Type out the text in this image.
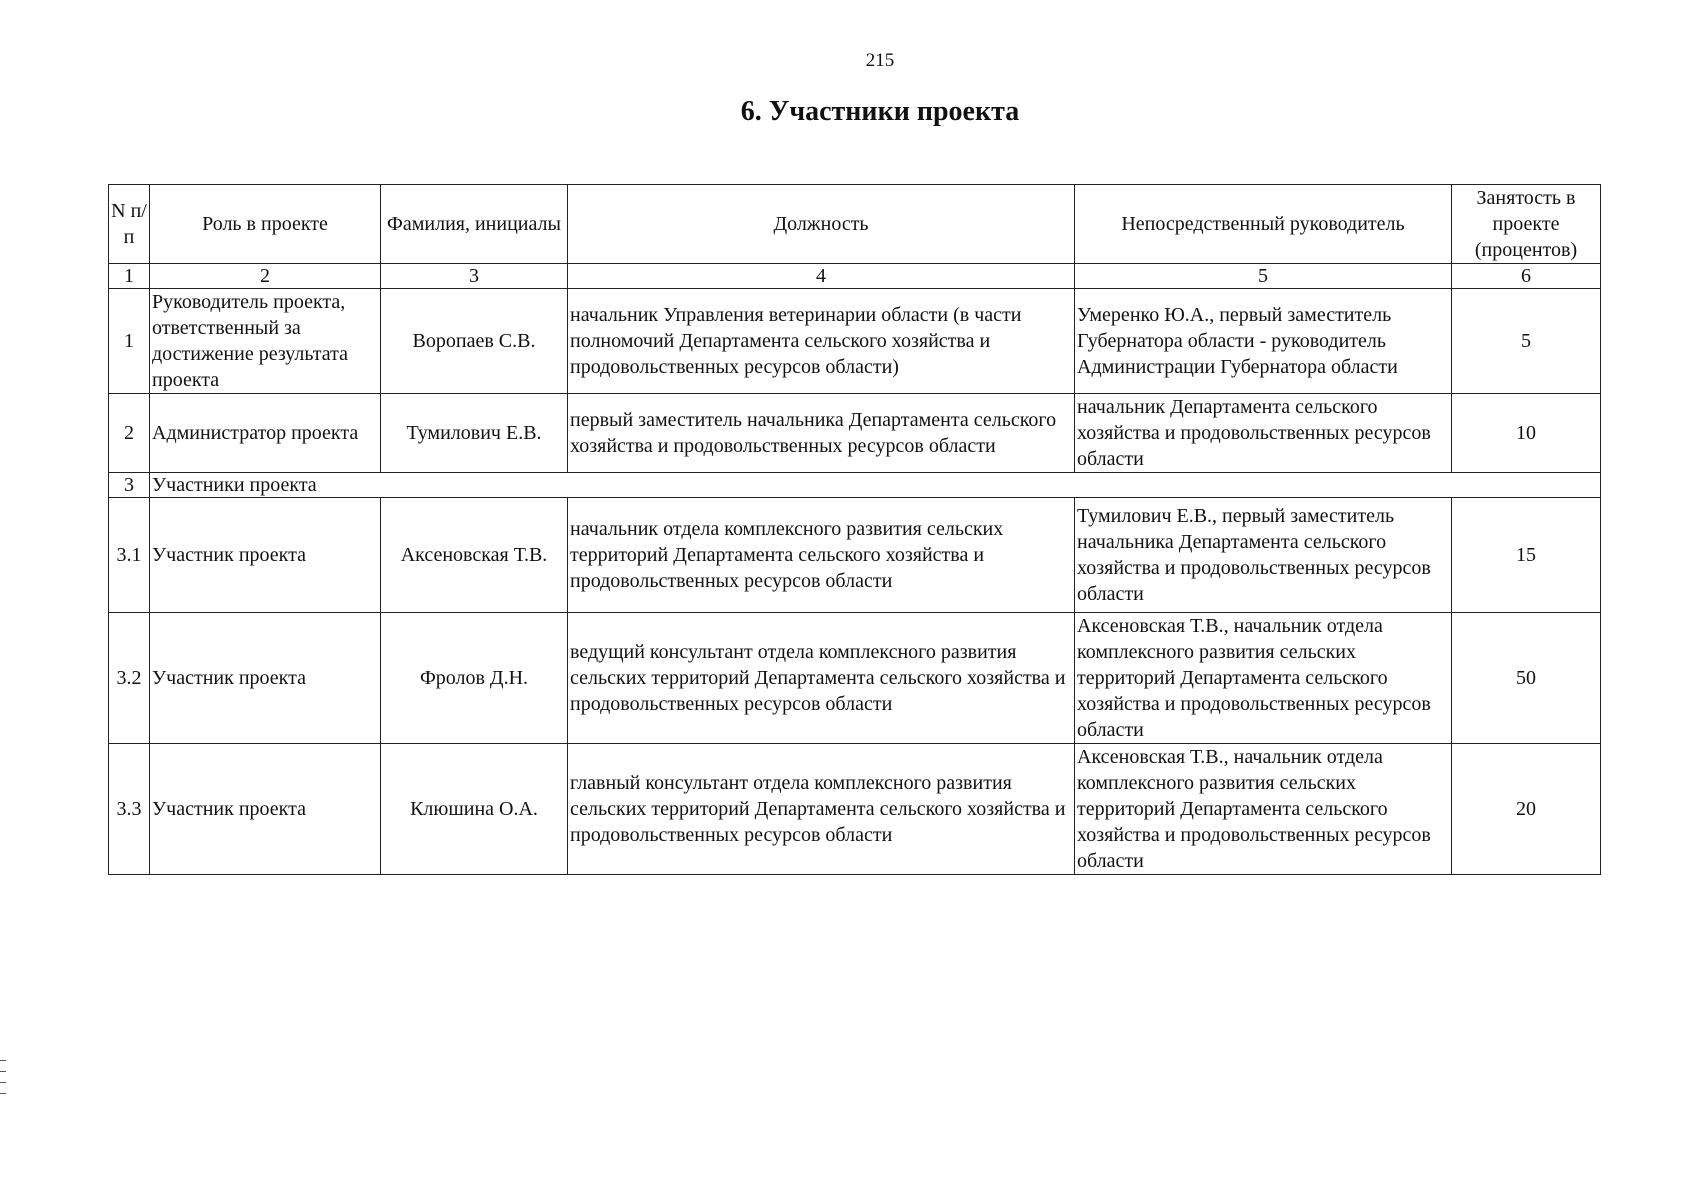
215
6. Участники проекта
N п/п	Роль в проекте	Фамилия, инициалы	Должность	Непосредственный руководитель	Занятость в проекте (процентов)
1	2	3	4	5	6
1	Руководитель проекта, ответственный за достижение результата проекта	Воропаев С.В.	начальник Управления ветеринарии области (в части полномочий Департамента сельского хозяйства и продовольственных ресурсов области)	Умеренко Ю.А., первый заместитель Губернатора области - руководитель Администрации Губернатора области	5
2	Администратор проекта	Тумилович Е.В.	первый заместитель начальника Департамента сельского хозяйства и продовольственных ресурсов области	начальник Департамента сельского хозяйства и продовольственных ресурсов области	10
3	Участники проекта				
3.1	Участник проекта	Аксеновская Т.В.	начальник отдела комплексного развития сельских территорий Департамента сельского хозяйства и продовольственных ресурсов области	Тумилович Е.В., первый заместитель начальника Департамента сельского хозяйства и продовольственных ресурсов области	15
3.2	Участник проекта	Фролов Д.Н.	ведущий консультант отдела комплексного развития сельских территорий Департамента сельского хозяйства и продовольственных ресурсов области	Аксеновская Т.В., начальник отдела комплексного развития сельских территорий Департамента сельского хозяйства и продовольственных ресурсов области	50
3.3	Участник проекта	Клюшина О.А.	главный консультант отдела комплексного развития сельских территорий Департамента сельского хозяйства и продовольственных ресурсов области	Аксеновская Т.В., начальник отдела комплексного развития сельских территорий Департамента сельского хозяйства и продовольственных ресурсов области	20
